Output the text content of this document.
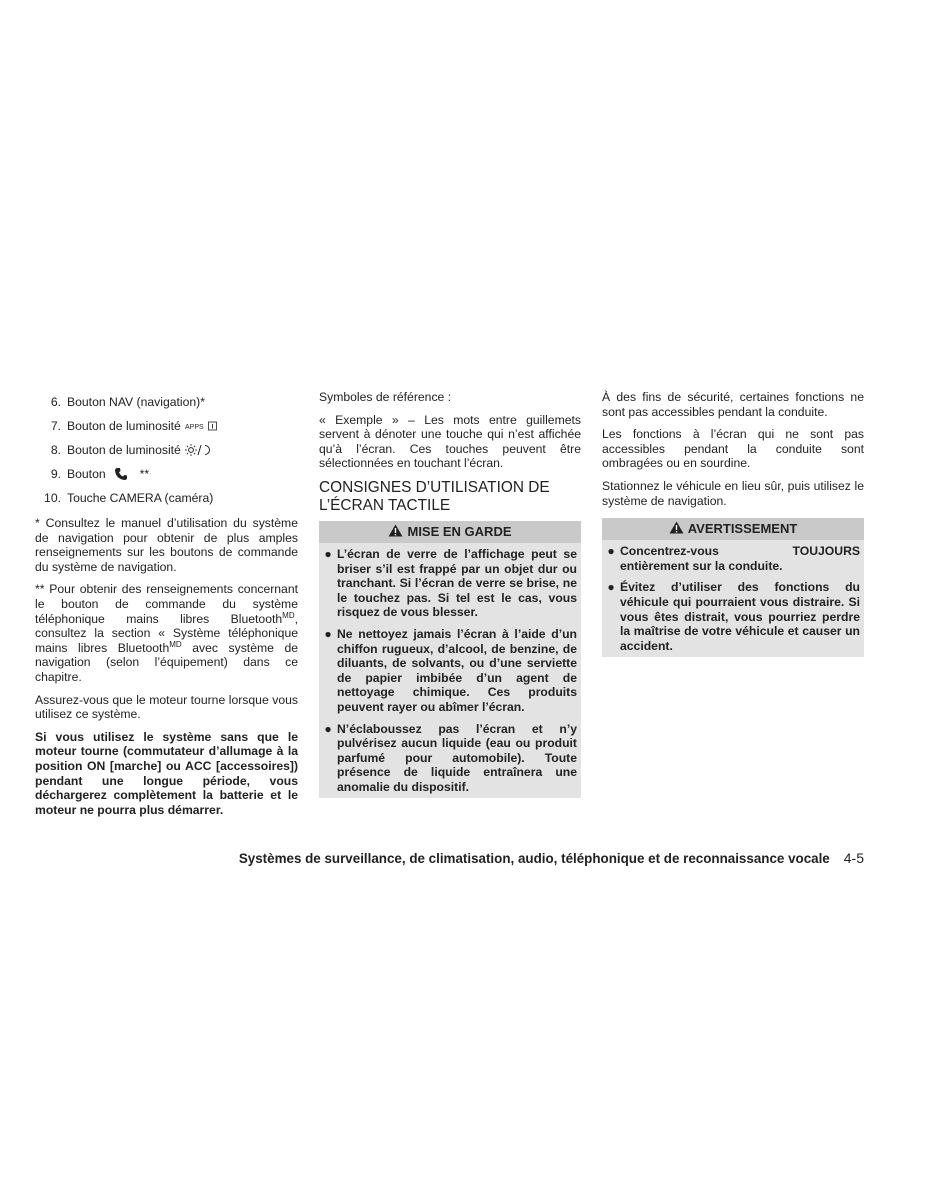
6. Bouton NAV (navigation)*
7. Bouton de luminosité APPS
8. Bouton de luminosité
9. Bouton	**
10. Touche CAMERA (caméra)

* Consultez le manuel d’utilisation du système de navigation pour obtenir de plus amples renseignements sur les boutons de commande du système de navigation.

** Pour obtenir des renseignements concernant le bouton de commande du système téléphonique mains libres Bluetooth$^{MD}$, consultez la section « Système téléphonique mains libres Bluetooth$^{MD}$ avec système de navigation (selon l’équipement) dans ce chapitre.

Assurez-vous que le moteur tourne lorsque vous utilisez ce système.

Si vous utilisez le système sans que le moteur tourne (commutateur d’allumage à la position ON [marche] ou ACC [accessoires]) pendant une longue période, vous déchargerez complètement la batterie et le moteur ne pourra plus démarrer.

Symboles de référence :

« Exemple » – Les mots entre guillemets servent à dénoter une touche qui n’est affichée qu’à l’écran. Ces touches peuvent être sélectionnées en touchant l’écran.

CONSIGNES D’UTILISATION DE
L’ÉCRAN TACTILE
MISE EN GARDE
● L’écran de verre de l’affichage peut se briser s’il est frappé par un objet dur ou tranchant. Si l’écran de verre se brise, ne le touchez pas. Si tel est le cas, vous risquez de vous blesser.
● Ne nettoyez jamais l’écran à l’aide d’un chiffon rugueux, d’alcool, de benzine, de diluants, de solvants, ou d’une serviette de papier imbibée d’un agent de nettoyage chimique. Ces produits peuvent rayer ou abîmer l’écran.
● N’éclaboussez pas l’écran et n’y pulvérisez aucun liquide (eau ou produit parfumé pour automobile). Toute présence de liquide entraînera une anomalie du dispositif.

À des fins de sécurité, certaines fonctions ne sont pas accessibles pendant la conduite.

Les fonctions à l’écran qui ne sont pas accessibles pendant la conduite sont ombragées ou en sourdine.

Stationnez le véhicule en lieu sûr, puis utilisez le système de navigation.

AVERTISSEMENT
● Concentrez-vous TOUJOURS entièrement sur la conduite.
● Évitez d’utiliser des fonctions du véhicule qui pourraient vous distraire. Si vous êtes distrait, vous pourriez perdre la maîtrise de votre véhicule et causer un accident.
Systèmes de surveillance, de climatisation, audio, téléphonique et de reconnaissance vocale 4-5
